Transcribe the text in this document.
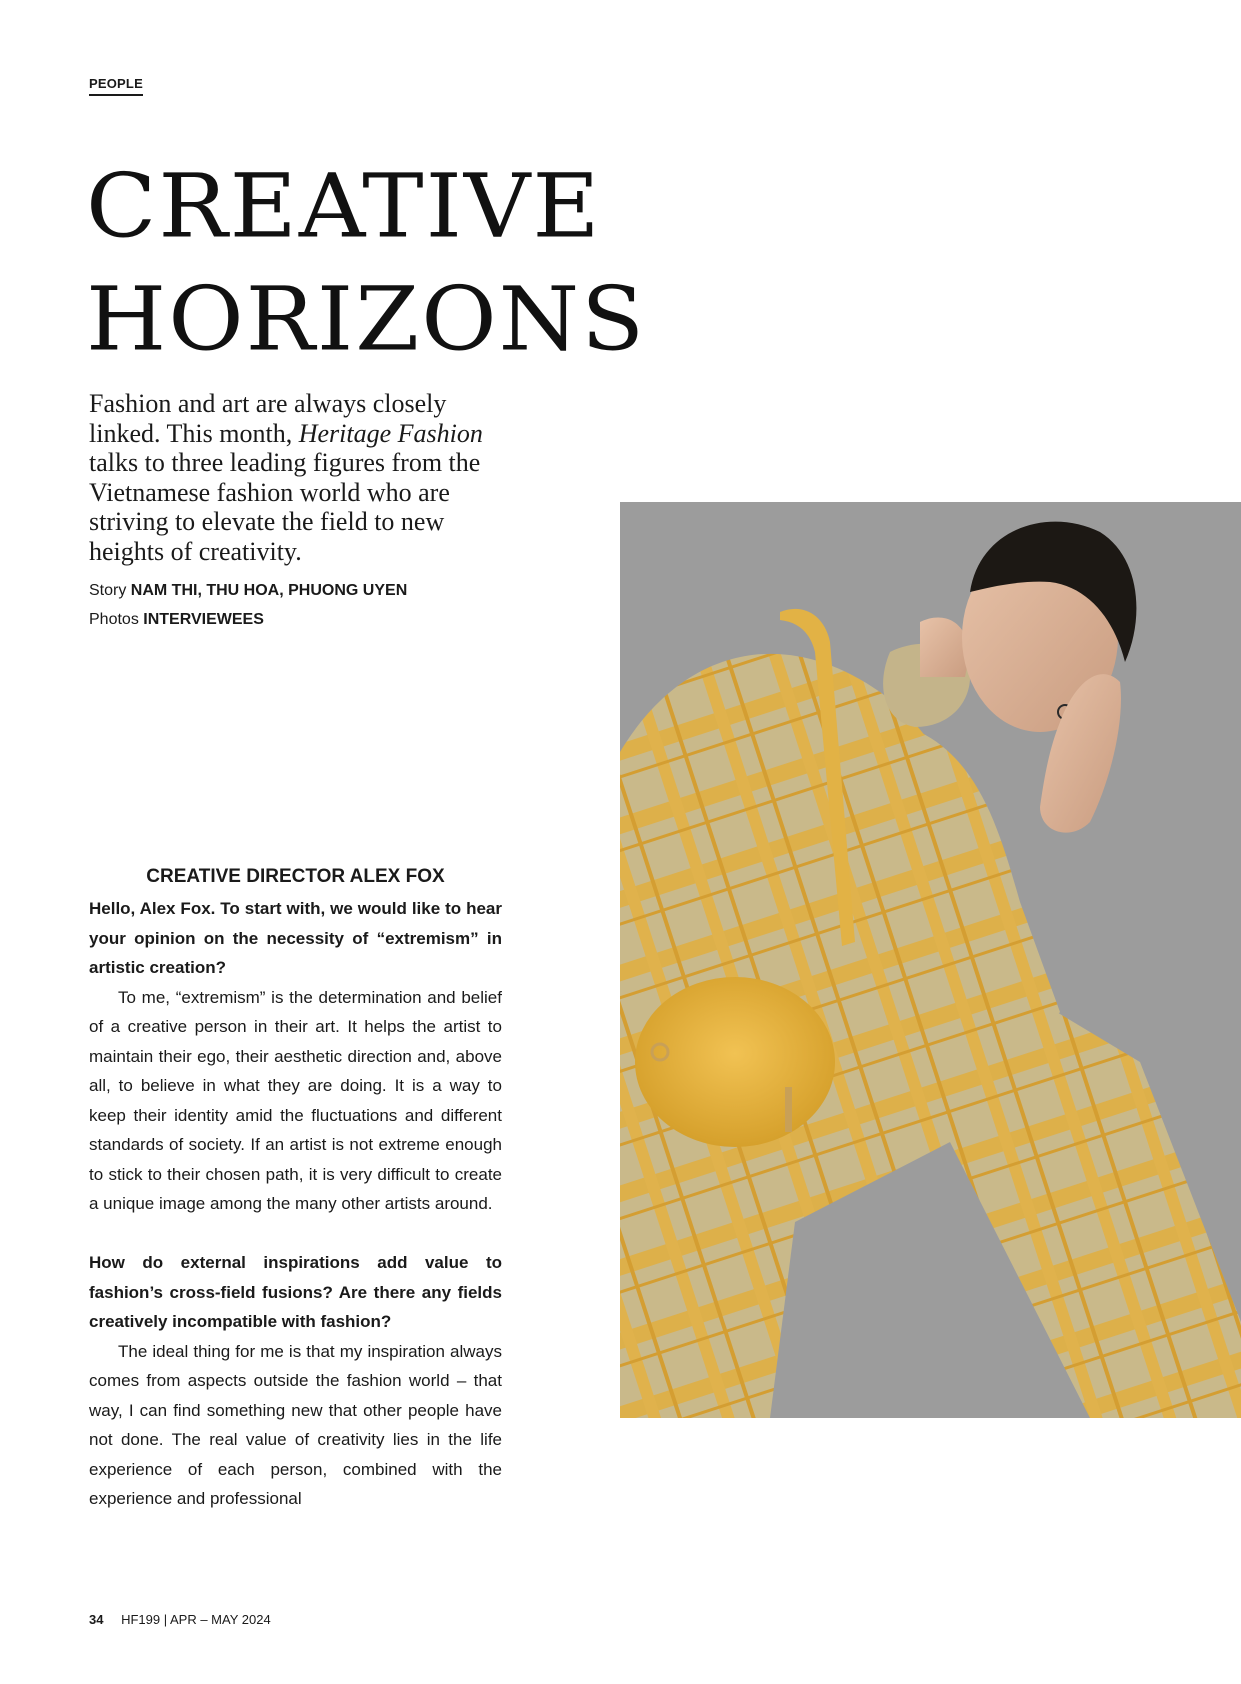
PEOPLE
CREATIVE
HORIZONS

Fashion and art are always closely linked. This month, Heritage Fashion talks to three leading figures from the Vietnamese fashion world who are striving to elevate the field to new heights of creativity.

Story NAM THI, THU HOA, PHUONG UYEN
Photos INTERVIEWEES

CREATIVE DIRECTOR ALEX FOX

Hello, Alex Fox. To start with, we would like to hear your opinion on the necessity of “extremism” in artistic creation?

To me, “extremism” is the determination and belief of a creative person in their art. It helps the artist to maintain their ego, their aesthetic direction and, above all, to believe in what they are doing. It is a way to keep their identity amid the fluctuations and different standards of society. If an artist is not extreme enough to stick to their chosen path, it is very difficult to create a unique image among the many other artists around.

How do external inspirations add value to fashion’s cross-field fusions? Are there any fields creatively incompatible with fashion?

The ideal thing for me is that my inspiration always comes from aspects outside the fashion world – that way, I can find something new that other people have not done. The real value of creativity lies in the life experience of each person, combined with the experience and professional

34 HF199 | APR – MAY 2024
